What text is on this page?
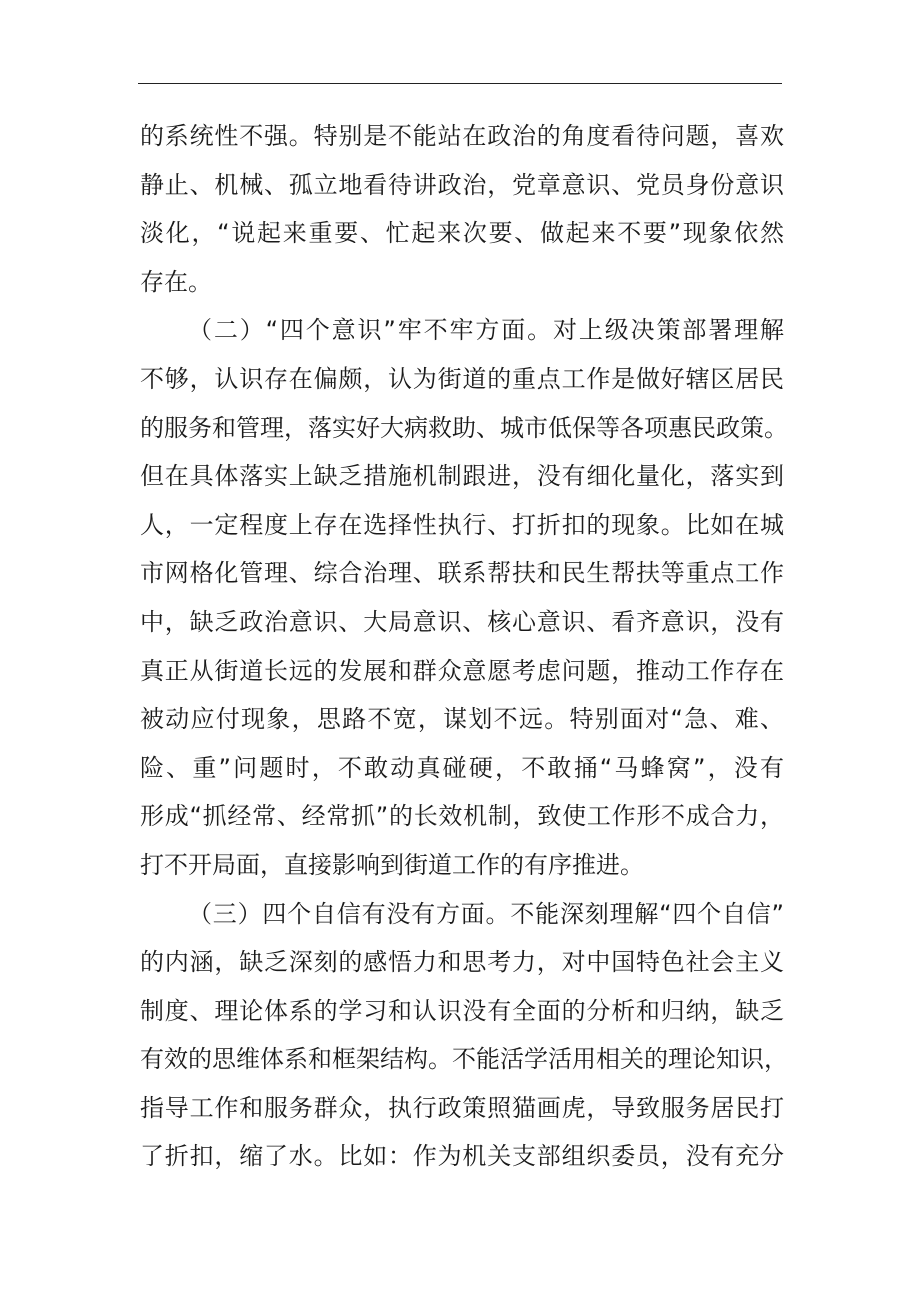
的系统性不强。特别是不能站在政治的角度看待问题，喜欢
静止、机械、孤立地看待讲政治，党章意识、党员身份意识
淡化，“说起来重要、忙起来次要、做起来不要”现象依然
存在。
（二）“四个意识”牢不牢方面。对上级决策部署理解
不够，认识存在偏颇，认为街道的重点工作是做好辖区居民
的服务和管理，落实好大病救助、城市低保等各项惠民政策。
但在具体落实上缺乏措施机制跟进，没有细化量化，落实到
人，一定程度上存在选择性执行、打折扣的现象。比如在城
市网格化管理、综合治理、联系帮扶和民生帮扶等重点工作
中，缺乏政治意识、大局意识、核心意识、看齐意识，没有
真正从街道长远的发展和群众意愿考虑问题，推动工作存在
被动应付现象，思路不宽，谋划不远。特别面对“急、难、
险、重”问题时，不敢动真碰硬，不敢捅“马蜂窝”，没有
形成“抓经常、经常抓”的长效机制，致使工作形不成合力，
打不开局面，直接影响到街道工作的有序推进。
（三）四个自信有没有方面。不能深刻理解“四个自信”
的内涵，缺乏深刻的感悟力和思考力，对中国特色社会主义
制度、理论体系的学习和认识没有全面的分析和归纳，缺乏
有效的思维体系和框架结构。不能活学活用相关的理论知识，
指导工作和服务群众，执行政策照猫画虎，导致服务居民打
了折扣，缩了水。比如：作为机关支部组织委员，没有充分
